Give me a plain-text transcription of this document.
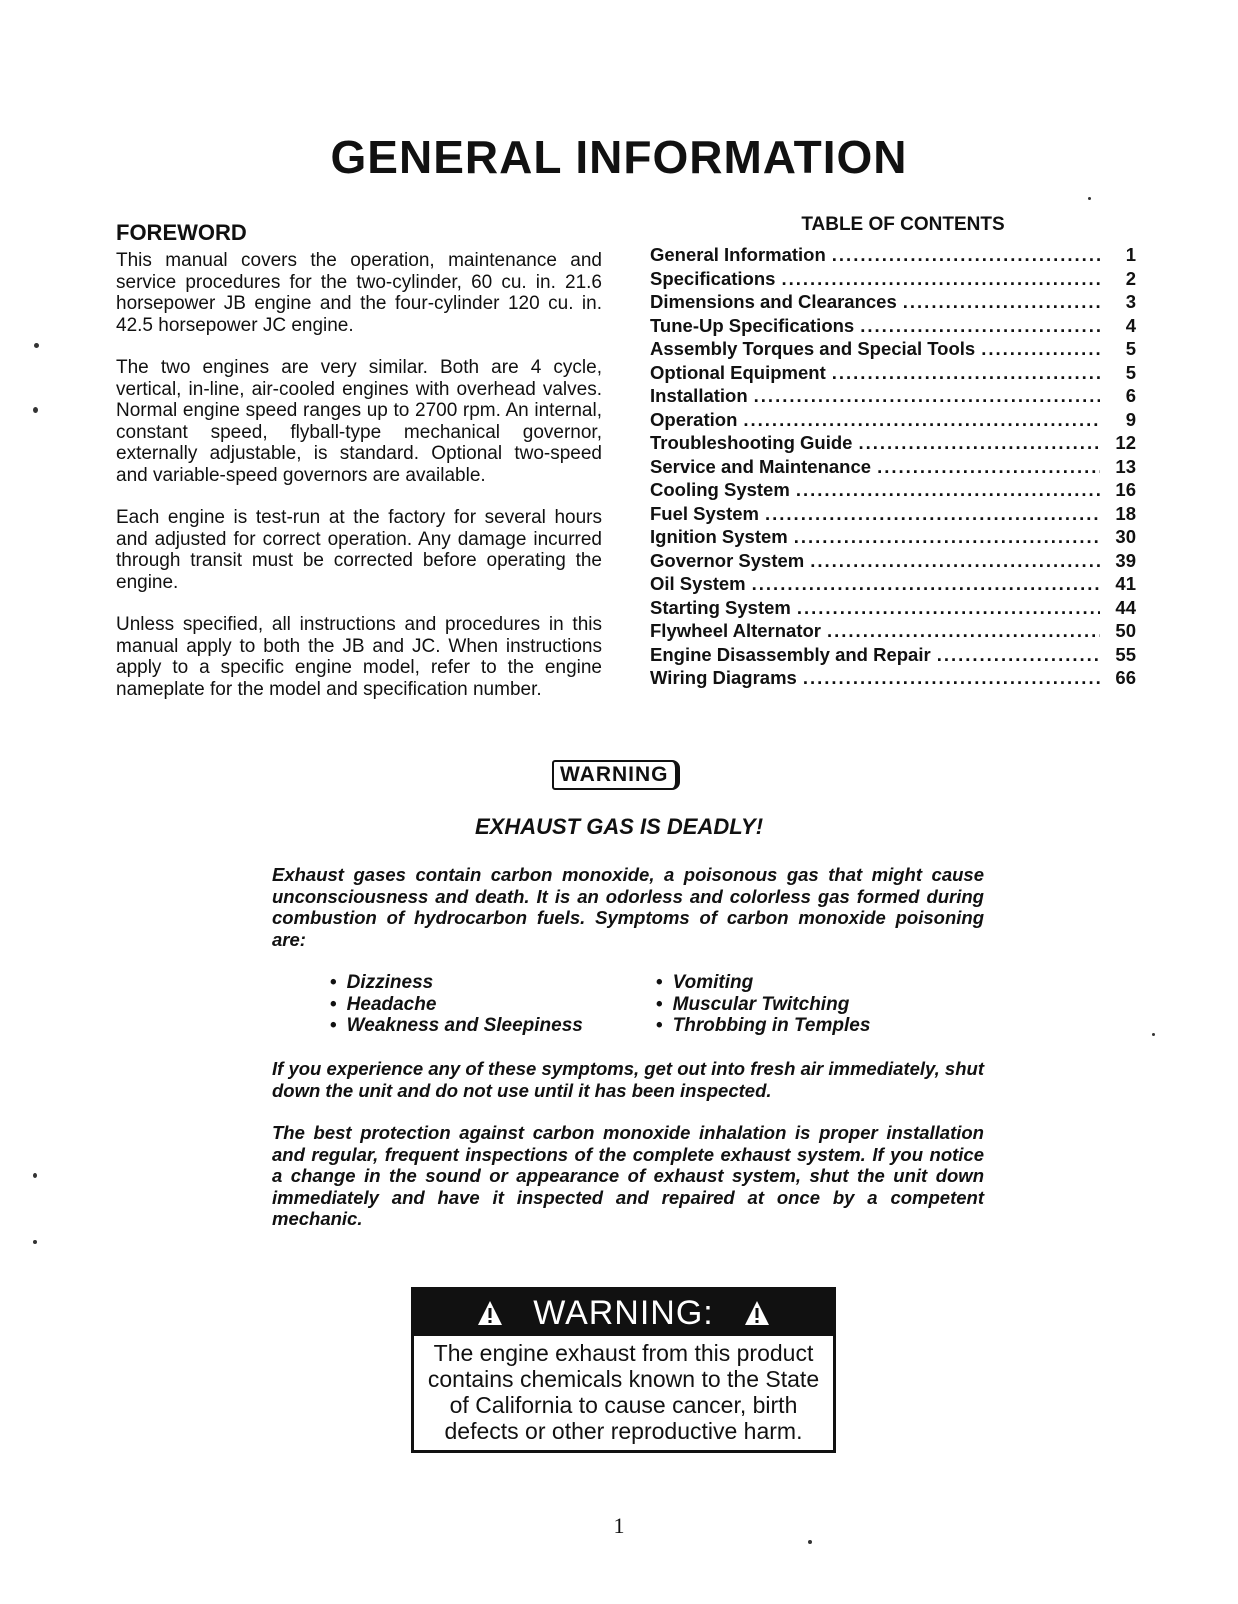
GENERAL INFORMATION
FOREWORD

This manual covers the operation, maintenance and service procedures for the two-cylinder, 60 cu. in. 21.6 horsepower JB engine and the four-cylinder 120 cu. in. 42.5 horsepower JC engine.

The two engines are very similar. Both are 4 cycle, vertical, in-line, air-cooled engines with overhead valves. Normal engine speed ranges up to 2700 rpm. An internal, constant speed, flyball-type mechanical governor, externally adjustable, is standard. Optional two-speed and variable-speed governors are available.

Each engine is test-run at the factory for several hours and adjusted for correct operation. Any damage incurred through transit must be corrected before operating the engine.

Unless specified, all instructions and procedures in this manual apply to both the JB and JC. When instructions apply to a specific engine model, refer to the engine nameplate for the model and specification number.

TABLE OF CONTENTS
General Information .....	1
Specifications .....	2
Dimensions and Clearances .....	3
Tune-Up Specifications .....	4
Assembly Torques and Special Tools .....	5
Optional Equipment .....	5
Installation .....	6
Operation .....	9
Troubleshooting Guide .....	12
Service and Maintenance .....	13
Cooling System .....	16
Fuel System .....	18
Ignition System .....	30
Governor System .....	39
Oil System .....	41
Starting System .....	44
Flywheel Alternator .....	50
Engine Disassembly and Repair .....	55
Wiring Diagrams .....	66
WARNING
EXHAUST GAS IS DEADLY!

Exhaust gases contain carbon monoxide, a poisonous gas that might cause unconsciousness and death. It is an odorless and colorless gas formed during combustion of hydrocarbon fuels. Symptoms of carbon monoxide poisoning are:

• Dizziness
• Headache
• Weakness and Sleepiness
• Vomiting
• Muscular Twitching
• Throbbing in Temples

If you experience any of these symptoms, get out into fresh air immediately, shut down the unit and do not use until it has been inspected.

The best protection against carbon monoxide inhalation is proper installation and regular, frequent inspections of the complete exhaust system. If you notice a change in the sound or appearance of exhaust system, shut the unit down immediately and have it inspected and repaired at once by a competent mechanic.

WARNING:
The engine exhaust from this product
contains chemicals known to the State
of California to cause cancer, birth
defects or other reproductive harm.
1
